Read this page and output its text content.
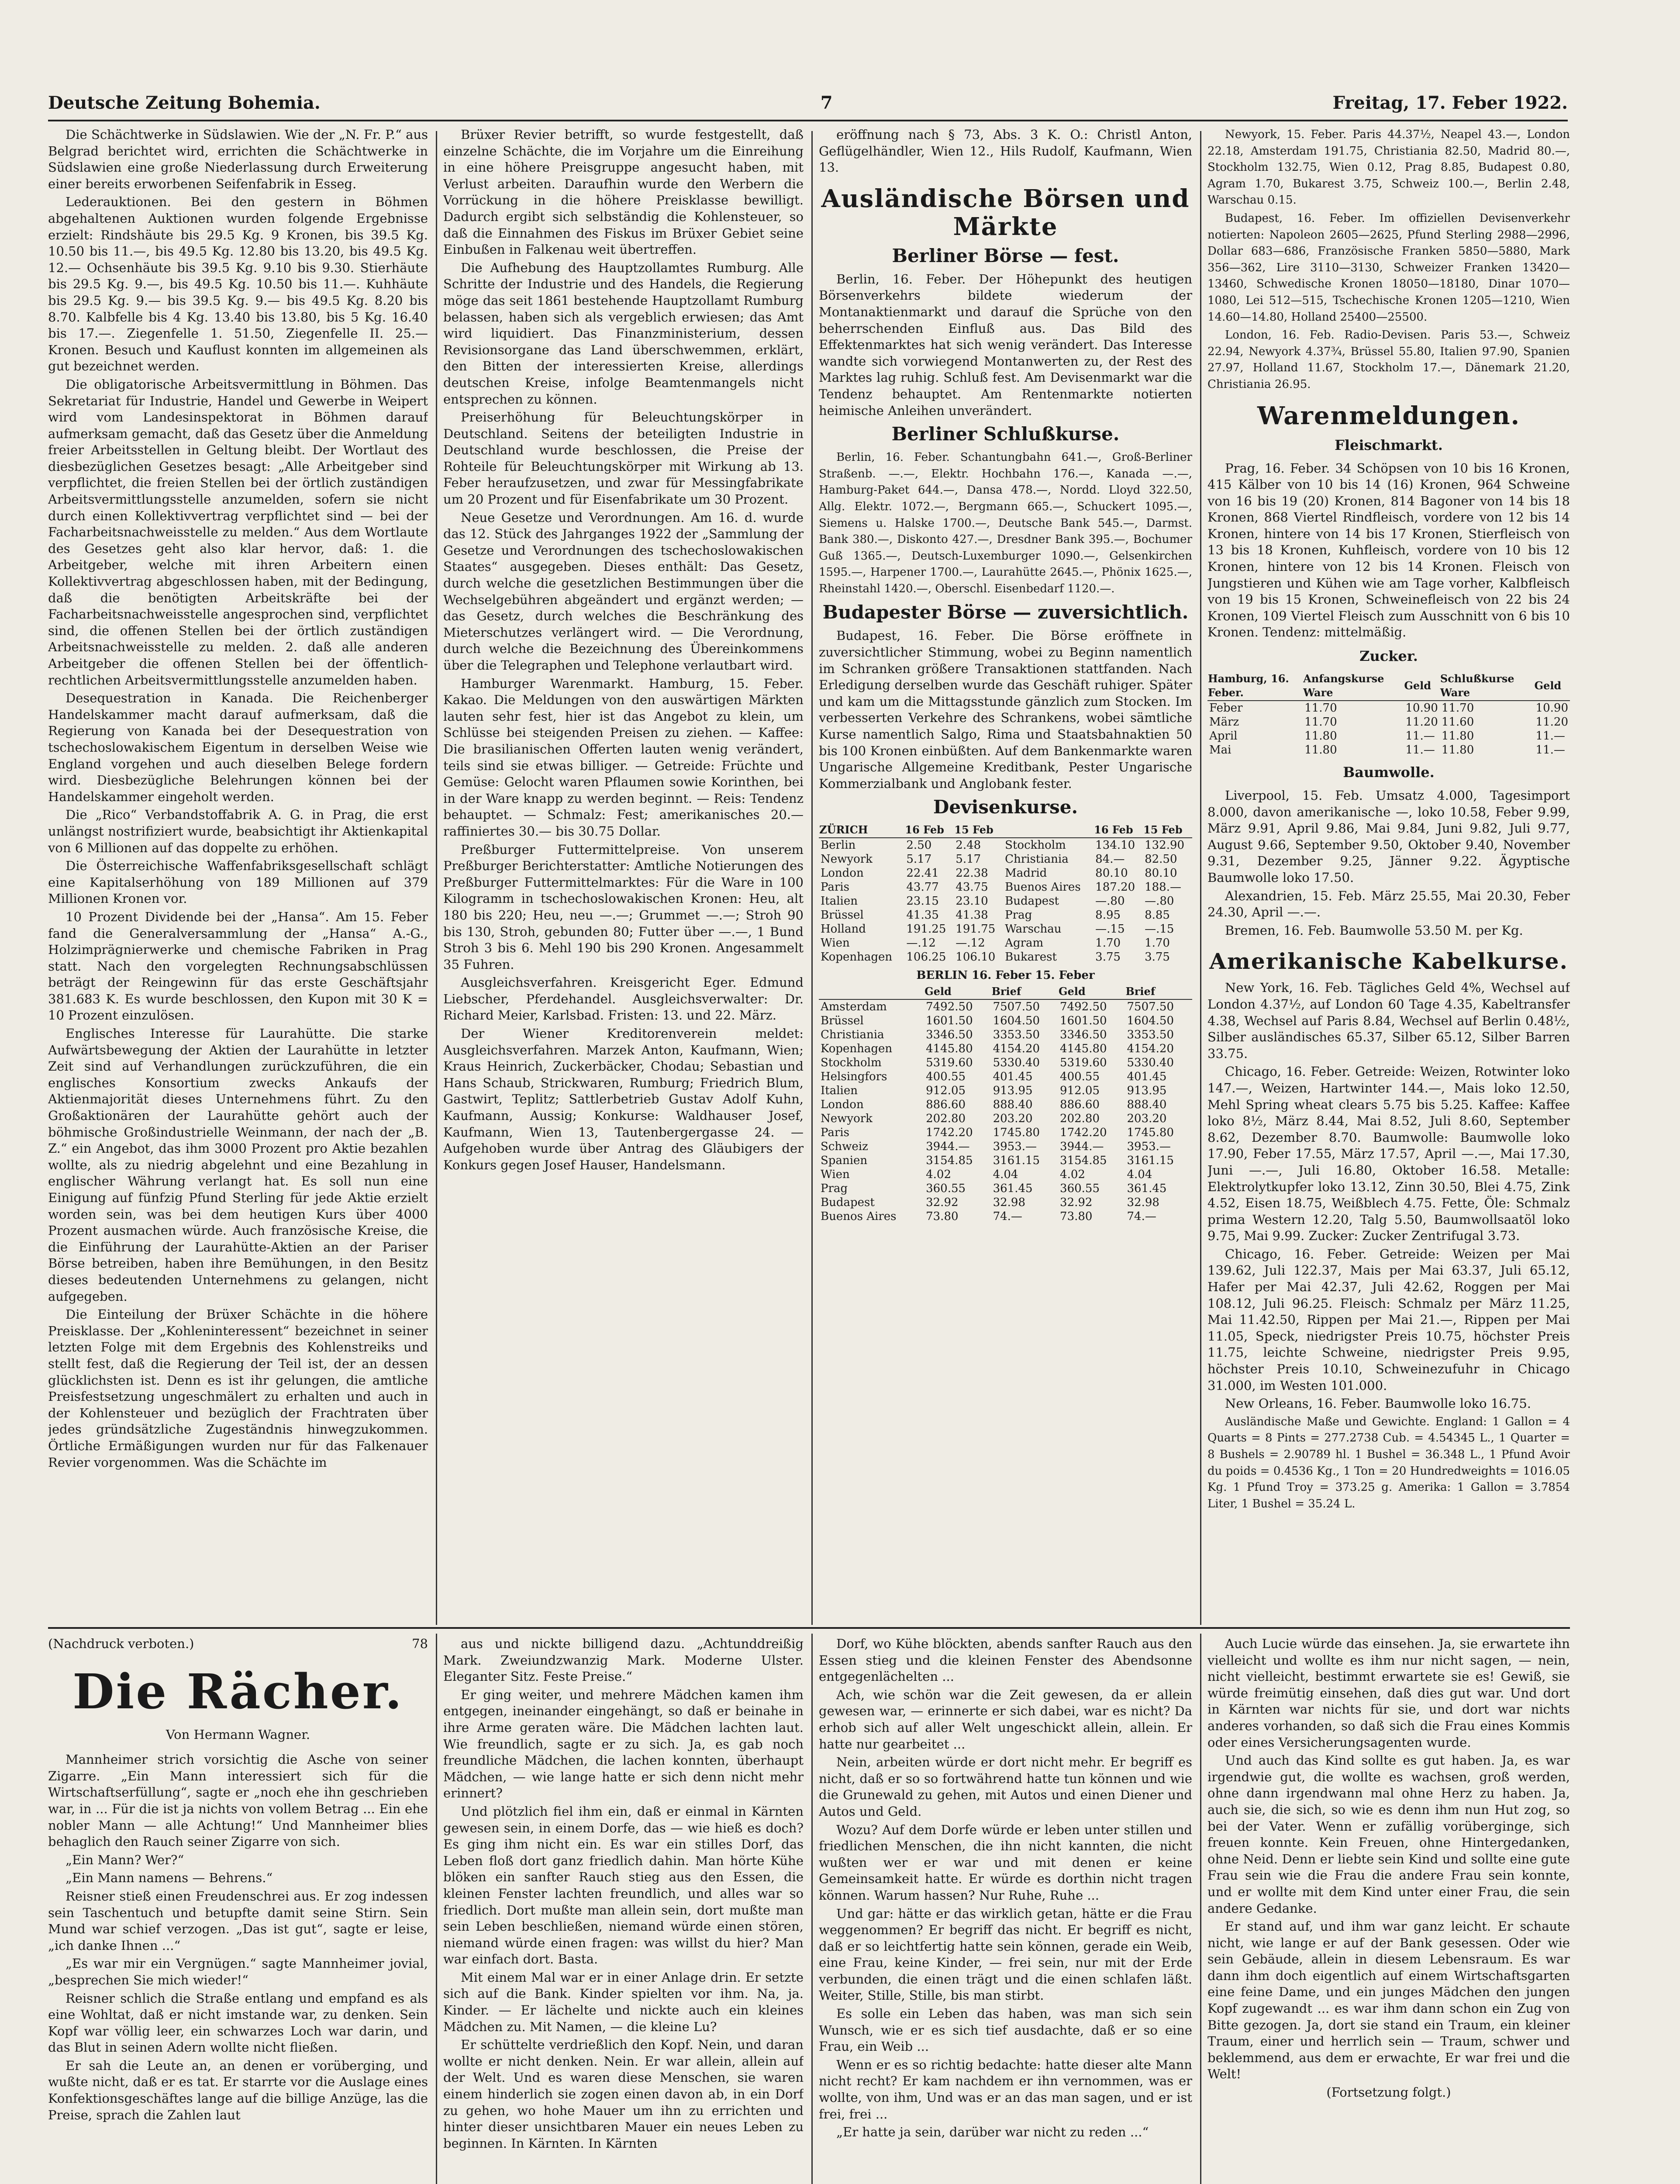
Deutsche Zeitung Bohemia.	7	Freitag, 17. Feber 1922.

Die Schächtwerke in Südslawien. Wie der „N. Fr. P.“ aus Belgrad berichtet wird, errichten die Schächtwerke in Südslawien eine große Niederlassung durch Erweiterung einer bereits erworbenen Seifenfabrik in Esseg.

Lederauktionen. Bei den gestern in Böhmen abgehaltenen Auktionen wurden folgende Ergebnisse erzielt: Rindshäute bis 29.5 Kg. 9 Kronen, bis 39.5 Kg. 10.50 bis 11.—, bis 49.5 Kg. 12.80 bis 13.20, bis 49.5 Kg. 12.— Ochsenhäute bis 39.5 Kg. 9.10 bis 9.30. Stierhäute bis 29.5 Kg. 9.—, bis 49.5 Kg. 10.50 bis 11.—. Kuhhäute bis 29.5 Kg. 9.— bis 39.5 Kg. 9.— bis 49.5 Kg. 8.20 bis 8.70. Kalbfelle bis 4 Kg. 13.40 bis 13.80, bis 5 Kg. 16.40 bis 17.—. Ziegenfelle 1. 51.50, Ziegenfelle II. 25.— Kronen. Besuch und Kauflust konnten im allgemeinen als gut bezeichnet werden.

Die obligatorische Arbeitsvermittlung in Böhmen. Das Sekretariat für Industrie, Handel und Gewerbe in Weipert wird vom Landesinspektorat in Böhmen darauf aufmerksam gemacht, daß das Gesetz über die Anmeldung freier Arbeitsstellen in Geltung bleibt. Der Wortlaut des diesbezüglichen Gesetzes besagt: „Alle Arbeitgeber sind verpflichtet, die freien Stellen bei der örtlich zuständigen Arbeitsvermittlungsstelle anzumelden, sofern sie nicht durch einen Kollektivvertrag verpflichtet sind — bei der Facharbeitsnachweisstelle zu melden.“ Aus dem Wortlaute des Gesetzes geht also klar hervor, daß: 1. die Arbeitgeber, welche mit ihren Arbeitern einen Kollektivvertrag abgeschlossen haben, mit der Bedingung, daß die benötigten Arbeitskräfte bei der Facharbeitsnachweisstelle angesprochen sind, verpflichtet sind, die offenen Stellen bei der örtlich zuständigen Arbeitsnachweisstelle zu melden. 2. daß alle anderen Arbeitgeber die offenen Stellen bei der öffentlich-rechtlichen Arbeitsvermittlungsstelle anzumelden haben.

Desequestration in Kanada. Die Reichenberger Handelskammer macht darauf aufmerksam, daß die Regierung von Kanada bei der Desequestration von tschechoslowakischem Eigentum in derselben Weise wie England vorgehen und auch dieselben Belege fordern wird. Diesbezügliche Belehrungen können bei der Handelskammer eingeholt werden.

Die „Rico“ Verbandstoffabrik A. G. in Prag, die erst unlängst nostrifiziert wurde, beabsichtigt ihr Aktienkapital von 6 Millionen auf das doppelte zu erhöhen.

Die Österreichische Waffenfabriksgesellschaft schlägt eine Kapitalserhöhung von 189 Millionen auf 379 Millionen Kronen vor.

10 Prozent Dividende bei der „Hansa“. Am 15. Feber fand die Generalversammlung der „Hansa“ A.-G., Holzimprägnierwerke und chemische Fabriken in Prag statt. Nach den vorgelegten Rechnungsabschlüssen beträgt der Reingewinn für das erste Geschäftsjahr 381.683 K. Es wurde beschlossen, den Kupon mit 30 K = 10 Prozent einzulösen.

Englisches Interesse für Laurahütte. Die starke Aufwärtsbewegung der Aktien der Laurahütte in letzter Zeit sind auf Verhandlungen zurückzuführen, die ein englisches Konsortium zwecks Ankaufs der Aktienmajorität dieses Unternehmens führt. Zu den Großaktionären der Laurahütte gehört auch der böhmische Großindustrielle Weinmann, der nach der „B. Z.“ ein Angebot, das ihm 3000 Prozent pro Aktie bezahlen wollte, als zu niedrig abgelehnt und eine Bezahlung in englischer Währung verlangt hat. Es soll nun eine Einigung auf fünfzig Pfund Sterling für jede Aktie erzielt worden sein, was bei dem heutigen Kurs über 4000 Prozent ausmachen würde. Auch französische Kreise, die die Einführung der Laurahütte-Aktien an der Pariser Börse betreiben, haben ihre Bemühungen, in den Besitz dieses bedeutenden Unternehmens zu gelangen, nicht aufgegeben.

Die Einteilung der Brüxer Schächte in die höhere Preisklasse. Der „Kohleninteressent“ bezeichnet in seiner letzten Folge mit dem Ergebnis des Kohlenstreiks und stellt fest, daß die Regierung der Teil ist, der an dessen glücklichsten ist. Denn es ist ihr gelungen, die amtliche Preisfestsetzung ungeschmälert zu erhalten und auch in der Kohlensteuer und bezüglich der Frachtraten über jedes gründsätzliche Zugeständnis hinwegzukommen. Örtliche Ermäßigungen wurden nur für das Falkenauer Revier vorgenommen. Was die Schächte im

Brüxer Revier betrifft, so wurde festgestellt, daß einzelne Schächte, die im Vorjahre um die Einreihung in eine höhere Preisgruppe angesucht haben, mit Verlust arbeiten. Daraufhin wurde den Werbern die Vorrückung in die höhere Preisklasse bewilligt. Dadurch ergibt sich selbständig die Kohlensteuer, so daß die Einnahmen des Fiskus im Brüxer Gebiet seine Einbußen in Falkenau weit übertreffen.

Die Aufhebung des Hauptzollamtes Rumburg. Alle Schritte der Industrie und des Handels, die Regierung möge das seit 1861 bestehende Hauptzollamt Rumburg belassen, haben sich als vergeblich erwiesen; das Amt wird liquidiert. Das Finanzministerium, dessen Revisionsorgane das Land überschwemmen, erklärt, den Bitten der interessierten Kreise, allerdings deutschen Kreise, infolge Beamtenmangels nicht entsprechen zu können.

Preiserhöhung für Beleuchtungskörper in Deutschland. Seitens der beteiligten Industrie in Deutschland wurde beschlossen, die Preise der Rohteile für Beleuchtungskörper mit Wirkung ab 13. Feber heraufzusetzen, und zwar für Messingfabrikate um 20 Prozent und für Eisenfabrikate um 30 Prozent.

Neue Gesetze und Verordnungen. Am 16. d. wurde das 12. Stück des Jahrganges 1922 der „Sammlung der Gesetze und Verordnungen des tschechoslowakischen Staates“ ausgegeben. Dieses enthält: Das Gesetz, durch welche die gesetzlichen Bestimmungen über die Wechselgebühren abgeändert und ergänzt werden; — das Gesetz, durch welches die Beschränkung des Mieterschutzes verlängert wird. — Die Verordnung, durch welche die Bezeichnung des Übereinkommens über die Telegraphen und Telephone verlautbart wird.

Hamburger Warenmarkt. Hamburg, 15. Feber. Kakao. Die Meldungen von den auswärtigen Märkten lauten sehr fest, hier ist das Angebot zu klein, um Schlüsse bei steigenden Preisen zu ziehen. — Kaffee: Die brasilianischen Offerten lauten wenig verändert, teils sind sie etwas billiger. — Getreide: Früchte und Gemüse: Gelocht waren Pflaumen sowie Korinthen, bei in der Ware knapp zu werden beginnt. — Reis: Tendenz behauptet. — Schmalz: Fest; amerikanisches 20.— raffiniertes 30.— bis 30.75 Dollar.

Preßburger Futtermittelpreise. Von unserem Preßburger Berichterstatter: Amtliche Notierungen des Preßburger Futtermittelmarktes: Für die Ware in 100 Kilogramm in tschechoslowakischen Kronen: Heu, alt 180 bis 220; Heu, neu —.—; Grummet —.—; Stroh 90 bis 130, Stroh, gebunden 80; Futter über —.—, 1 Bund Stroh 3 bis 6. Mehl 190 bis 290 Kronen. Angesammelt 35 Fuhren.

Ausgleichsverfahren. Kreisgericht Eger. Edmund Liebscher, Pferdehandel. Ausgleichsverwalter: Dr. Richard Meier, Karlsbad. Fristen: 13. und 22. März.

Der Wiener Kreditorenverein meldet: Ausgleichsverfahren. Marzek Anton, Kaufmann, Wien; Kraus Heinrich, Zuckerbäcker, Chodau; Sebastian und Hans Schaub, Strickwaren, Rumburg; Friedrich Blum, Gastwirt, Teplitz; Sattlerbetrieb Gustav Adolf Kuhn, Kaufmann, Aussig; Konkurse: Waldhauser Josef, Kaufmann, Wien 13, Tautenbergergasse 24. — Aufgehoben wurde über Antrag des Gläubigers der Konkurs gegen Josef Hauser, Handelsmann.

eröffnung nach § 73, Abs. 3 K. O.: Christl Anton, Geflügelhändler, Wien 12., Hils Rudolf, Kaufmann, Wien 13.

Ausländische Börsen und Märkte
Berliner Börse — fest.

Berlin, 16. Feber. Der Höhepunkt des heutigen Börsenverkehrs bildete wiederum der Montanaktienmarkt und darauf die Sprüche von den beherrschenden Einfluß aus. Das Bild des Effektenmarktes hat sich wenig verändert. Das Interesse wandte sich vorwiegend Montanwerten zu, der Rest des Marktes lag ruhig. Schluß fest. Am Devisenmarkt war die Tendenz behauptet. Am Rentenmarkte notierten heimische Anleihen unverändert.

Berliner Schlußkurse.

Berlin, 16. Feber. Schantungbahn 641.—, Groß-Berliner Straßenb. —.—, Elektr. Hochbahn 176.—, Kanada —.—, Hamburg-Paket 644.—, Dansa 478.—, Nordd. Lloyd 322.50, Allg. Elektr. 1072.—, Bergmann 665.—, Schuckert 1095.—, Siemens u. Halske 1700.—, Deutsche Bank 545.—, Darmst. Bank 380.—, Diskonto 427.—, Dresdner Bank 395.—, Bochumer Guß 1365.—, Deutsch-Luxemburger 1090.—, Gelsenkirchen 1595.—, Harpener 1700.—, Laurahütte 2645.—, Phönix 1625.—, Rheinstahl 1420.—, Oberschl. Eisenbedarf 1120.—.

Budapester Börse — zuversichtlich.

Budapest, 16. Feber. Die Börse eröffnete in zuversichtlicher Stimmung, wobei zu Beginn namentlich im Schranken größere Transaktionen stattfanden. Nach Erledigung derselben wurde das Geschäft ruhiger. Später und kam um die Mittagsstunde gänzlich zum Stocken. Im verbesserten Verkehre des Schrankens, wobei sämtliche Kurse namentlich Salgo, Rima und Staatsbahnaktien 50 bis 100 Kronen einbüßten. Auf dem Bankenmarkte waren Ungarische Allgemeine Kreditbank, Pester Ungarische Kommerzialbank und Anglobank fester.

Devisenkurse.
ZÜRICH	16 Feb	15 Feb		16 Feb	15 Feb
Berlin	2.50	2.48	Stockholm	134.10	132.90
Newyork	5.17	5.17	Christiania	84.—	82.50
London	22.41	22.38	Madrid	80.10	80.10
Paris	43.77	43.75	Buenos Aires	187.20	188.—
Italien	23.15	23.10	Budapest	—.80	—.80
Brüssel	41.35	41.38	Prag	8.95	8.85
Holland	191.25	191.75	Warschau	—.15	—.15
Wien	—.12	—.12	Agram	1.70	1.70
Kopenhagen	106.25	106.10	Bukarest	3.75	3.75
BERLIN 16. Feber 15. Feber
	Geld	Brief	Geld	Brief
Amsterdam	7492.50	7507.50	7492.50	7507.50
Brüssel	1601.50	1604.50	1601.50	1604.50
Christiania	3346.50	3353.50	3346.50	3353.50
Kopenhagen	4145.80	4154.20	4145.80	4154.20
Stockholm	5319.60	5330.40	5319.60	5330.40
Helsingfors	400.55	401.45	400.55	401.45
Italien	912.05	913.95	912.05	913.95
London	886.60	888.40	886.60	888.40
Newyork	202.80	203.20	202.80	203.20
Paris	1742.20	1745.80	1742.20	1745.80
Schweiz	3944.—	3953.—	3944.—	3953.—
Spanien	3154.85	3161.15	3154.85	3161.15
Wien	4.02	4.04	4.02	4.04
Prag	360.55	361.45	360.55	361.45
Budapest	32.92	32.98	32.92	32.98
Buenos Aires	73.80	74.—	73.80	74.—

Newyork, 15. Feber. Paris 44.37½, Neapel 43.—, London 22.18, Amsterdam 191.75, Christiania 82.50, Madrid 80.—, Stockholm 132.75, Wien 0.12, Prag 8.85, Budapest 0.80, Agram 1.70, Bukarest 3.75, Schweiz 100.—, Berlin 2.48, Warschau 0.15.

Budapest, 16. Feber. Im offiziellen Devisenverkehr notierten: Napoleon 2605—2625, Pfund Sterling 2988—2996, Dollar 683—686, Französische Franken 5850—5880, Mark 356—362, Lire 3110—3130, Schweizer Franken 13420—13460, Schwedische Kronen 18050—18180, Dinar 1070—1080, Lei 512—515, Tschechische Kronen 1205—1210, Wien 14.60—14.80, Holland 25400—25500.

London, 16. Feb. Radio-Devisen. Paris 53.—, Schweiz 22.94, Newyork 4.37¾, Brüssel 55.80, Italien 97.90, Spanien 27.97, Holland 11.67, Stockholm 17.—, Dänemark 21.20, Christiania 26.95.

Warenmeldungen.
Fleischmarkt.

Prag, 16. Feber. 34 Schöpsen von 10 bis 16 Kronen, 415 Kälber von 10 bis 14 (16) Kronen, 964 Schweine von 16 bis 19 (20) Kronen, 814 Bagoner von 14 bis 18 Kronen, 868 Viertel Rindfleisch, vordere von 12 bis 14 Kronen, hintere von 14 bis 17 Kronen, Stierfleisch von 13 bis 18 Kronen, Kuhfleisch, vordere von 10 bis 12 Kronen, hintere von 12 bis 14 Kronen. Fleisch von Jungstieren und Kühen wie am Tage vorher, Kalbfleisch von 19 bis 15 Kronen, Schweinefleisch von 22 bis 24 Kronen, 109 Viertel Fleisch zum Ausschnitt von 6 bis 10 Kronen. Tendenz: mittelmäßig.

Zucker.
Hamburg, 16. Feber.	Anfangskurse Ware	Geld	Schlußkurse Ware	Geld
Feber	11.70	10.90	11.70	10.90
März	11.70	11.20	11.60	11.20
April	11.80	11.—	11.80	11.—
Mai	11.80	11.—	11.80	11.—
Baumwolle.

Liverpool, 15. Feb. Umsatz 4.000, Tagesimport 8.000, davon amerikanische —, loko 10.58, Feber 9.99, März 9.91, April 9.86, Mai 9.84, Juni 9.82, Juli 9.77, August 9.66, September 9.50, Oktober 9.40, November 9.31, Dezember 9.25, Jänner 9.22. Ägyptische Baumwolle loko 17.50.

Alexandrien, 15. Feb. März 25.55, Mai 20.30, Feber 24.30, April —.—.

Bremen, 16. Feb. Baumwolle 53.50 M. per Kg.

Amerikanische Kabelkurse.

New York, 16. Feb. Tägliches Geld 4%, Wechsel auf London 4.37½, auf London 60 Tage 4.35, Kabeltransfer 4.38, Wechsel auf Paris 8.84, Wechsel auf Berlin 0.48½, Silber ausländisches 65.37, Silber 65.12, Silber Barren 33.75.

Chicago, 16. Feber. Getreide: Weizen, Rotwinter loko 147.—, Weizen, Hartwinter 144.—, Mais loko 12.50, Mehl Spring wheat clears 5.75 bis 5.25. Kaffee: Kaffee loko 8½, März 8.44, Mai 8.52, Juli 8.60, September 8.62, Dezember 8.70. Baumwolle: Baumwolle loko 17.90, Feber 17.55, März 17.57, April —.—, Mai 17.30, Juni —.—, Juli 16.80, Oktober 16.58. Metalle: Elektrolytkupfer loko 13.12, Zinn 30.50, Blei 4.75, Zink 4.52, Eisen 18.75, Weißblech 4.75. Fette, Öle: Schmalz prima Western 12.20, Talg 5.50, Baumwollsaatöl loko 9.75, Mai 9.99. Zucker: Zucker Zentrifugal 3.73.

Chicago, 16. Feber. Getreide: Weizen per Mai 139.62, Juli 122.37, Mais per Mai 63.37, Juli 65.12, Hafer per Mai 42.37, Juli 42.62, Roggen per Mai 108.12, Juli 96.25. Fleisch: Schmalz per März 11.25, Mai 11.42.50, Rippen per Mai 21.—, Rippen per Mai 11.05, Speck, niedrigster Preis 10.75, höchster Preis 11.75, leichte Schweine, niedrigster Preis 9.95, höchster Preis 10.10, Schweinezufuhr in Chicago 31.000, im Westen 101.000.

New Orleans, 16. Feber. Baumwolle loko 16.75.

Ausländische Maße und Gewichte. England: 1 Gallon = 4 Quarts = 8 Pints = 277.2738 Cub. = 4.54345 L., 1 Quarter = 8 Bushels = 2.90789 hl. 1 Bushel = 36.348 L., 1 Pfund Avoir du poids = 0.4536 Kg., 1 Ton = 20 Hundredweights = 1016.05 Kg. 1 Pfund Troy = 373.25 g. Amerika: 1 Gallon = 3.7854 Liter, 1 Bushel = 35.24 L.

(Nachdruck verboten.)	78
Die Rächer.
Von Hermann Wagner.

Mannheimer strich vorsichtig die Asche von seiner Zigarre. „Ein Mann interessiert sich für die Wirtschaftserfüllung“, sagte er „noch ehe ihn geschrieben war, in ... Für die ist ja nichts von vollem Betrag ... Ein ehe nobler Mann — alle Achtung!“ Und Mannheimer blies behaglich den Rauch seiner Zigarre von sich.

„Ein Mann? Wer?“

„Ein Mann namens — Behrens.“

Reisner stieß einen Freudenschrei aus. Er zog indessen sein Taschentuch und betupfte damit seine Stirn. Sein Mund war schief verzogen. „Das ist gut“, sagte er leise, „ich danke Ihnen ...“

„Es war mir ein Vergnügen.“ sagte Mannheimer jovial, „besprechen Sie mich wieder!“

Reisner schlich die Straße entlang und empfand es als eine Wohltat, daß er nicht imstande war, zu denken. Sein Kopf war völlig leer, ein schwarzes Loch war darin, und das Blut in seinen Adern wollte nicht fließen.

Er sah die Leute an, an denen er vorüberging, und wußte nicht, daß er es tat. Er starrte vor die Auslage eines Konfektionsgeschäftes lange auf die billige Anzüge, las die Preise, sprach die Zahlen laut

aus und nickte billigend dazu. „Achtunddreißig Mark. Zweiundzwanzig Mark. Moderne Ulster. Eleganter Sitz. Feste Preise.“

Er ging weiter, und mehrere Mädchen kamen ihm entgegen, ineinander eingehängt, so daß er beinahe in ihre Arme geraten wäre. Die Mädchen lachten laut. Wie freundlich, sagte er zu sich. Ja, es gab noch freundliche Mädchen, die lachen konnten, überhaupt Mädchen, — wie lange hatte er sich denn nicht mehr erinnert?

Und plötzlich fiel ihm ein, daß er einmal in Kärnten gewesen sein, in einem Dorfe, das — wie hieß es doch? Es ging ihm nicht ein. Es war ein stilles Dorf, das Leben floß dort ganz friedlich dahin. Man hörte Kühe blöken ein sanfter Rauch stieg aus den Essen, die kleinen Fenster lachten freundlich, und alles war so friedlich. Dort mußte man allein sein, dort mußte man sein Leben beschließen, niemand würde einen stören, niemand würde einen fragen: was willst du hier? Man war einfach dort. Basta.

Mit einem Mal war er in einer Anlage drin. Er setzte sich auf die Bank. Kinder spielten vor ihm. Na, ja. Kinder. — Er lächelte und nickte auch ein kleines Mädchen zu. Mit Namen, — die kleine Lu?

Er schüttelte verdrießlich den Kopf. Nein, und daran wollte er nicht denken. Nein. Er war allein, allein auf der Welt. Und es waren diese Menschen, sie waren einem hinderlich sie zogen einen davon ab, in ein Dorf zu gehen, wo hohe Mauer um ihn zu errichten und hinter dieser unsichtbaren Mauer ein neues Leben zu beginnen. In Kärnten. In Kärnten

Dorf, wo Kühe blöckten, abends sanfter Rauch aus den Essen stieg und die kleinen Fenster des Abendsonne entgegenlächelten ...

Ach, wie schön war die Zeit gewesen, da er allein gewesen war, — erinnerte er sich dabei, war es nicht? Da erhob sich auf aller Welt ungeschickt allein, allein. Er hatte nur gearbeitet ...

Nein, arbeiten würde er dort nicht mehr. Er begriff es nicht, daß er so so fortwährend hatte tun können und wie die Grunewald zu gehen, mit Autos und einen Diener und Autos und Geld.

Wozu? Auf dem Dorfe würde er leben unter stillen und friedlichen Menschen, die ihn nicht kannten, die nicht wußten wer er war und mit denen er keine Gemeinsamkeit hatte. Er würde es dorthin nicht tragen können. Warum hassen? Nur Ruhe, Ruhe ...

Und gar: hätte er das wirklich getan, hätte er die Frau weggenommen? Er begriff das nicht. Er begriff es nicht, daß er so leichtfertig hatte sein können, gerade ein Weib, eine Frau, keine Kinder, — frei sein, nur mit der Erde verbunden, die einen trägt und die einen schlafen läßt. Weiter, Stille, Stille, bis man stirbt.

Es solle ein Leben das haben, was man sich sein Wunsch, wie er es sich tief ausdachte, daß er so eine Frau, ein Weib ...

Wenn er es so richtig bedachte: hatte dieser alte Mann nicht recht? Er kam nachdem er ihn vernommen, was er wollte, von ihm, Und was er an das man sagen, und er ist frei, frei ...

„Er hatte ja sein, darüber war nicht zu reden ...“

Auch Lucie würde das einsehen. Ja, sie erwartete ihn vielleicht und wollte es ihm nur nicht sagen, — nein, nicht vielleicht, bestimmt erwartete sie es! Gewiß, sie würde freimütig einsehen, daß dies gut war. Und dort in Kärnten war nichts für sie, und dort war nichts anderes vorhanden, so daß sich die Frau eines Kommis oder eines Versicherungsagenten wurde.

Und auch das Kind sollte es gut haben. Ja, es war irgendwie gut, die wollte es wachsen, groß werden, ohne dann irgendwann mal ohne Herz zu haben. Ja, auch sie, die sich, so wie es denn ihm nun Hut zog, so bei der Vater. Wenn er zufällig vorüberginge, sich freuen konnte. Kein Freuen, ohne Hintergedanken, ohne Neid. Denn er liebte sein Kind und sollte eine gute Frau sein wie die Frau die andere Frau sein konnte, und er wollte mit dem Kind unter einer Frau, die sein andere Gedanke.

Er stand auf, und ihm war ganz leicht. Er schaute nicht, wie lange er auf der Bank gesessen. Oder wie sein Gebäude, allein in diesem Lebensraum. Es war dann ihm doch eigentlich auf einem Wirtschaftsgarten eine feine Dame, und ein junges Mädchen den jungen Kopf zugewandt ... es war ihm dann schon ein Zug von Bitte gezogen. Ja, dort sie stand ein Traum, ein kleiner Traum, einer und herrlich sein — Traum, schwer und beklemmend, aus dem er erwachte, Er war frei und die Welt!

(Fortsetzung folgt.)
